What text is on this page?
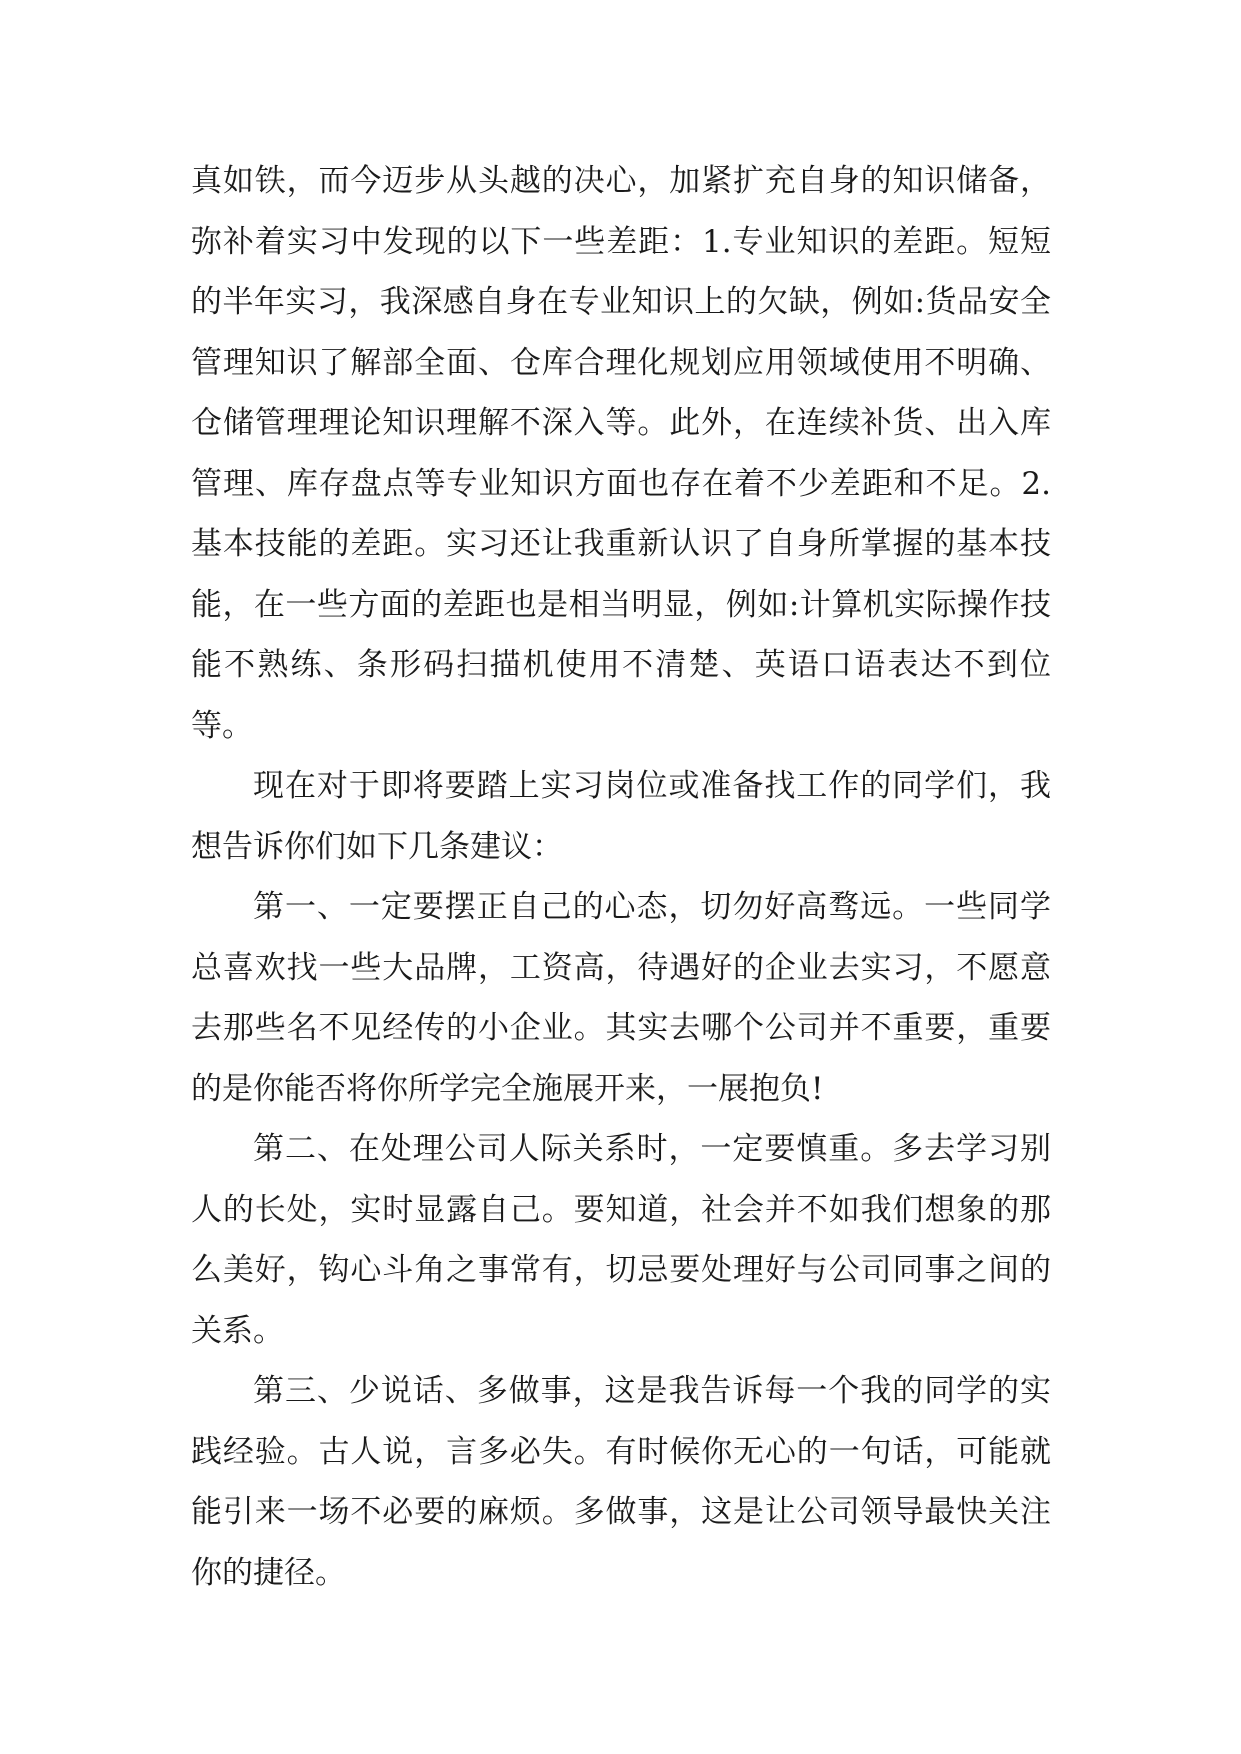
真如铁，而今迈步从头越的决心，加紧扩充自身的知识储备，弥补着实习中发现的以下一些差距：1.专业知识的差距。短短的半年实习，我深感自身在专业知识上的欠缺，例如:货品安全管理知识了解部全面、仓库合理化规划应用领域使用不明确、仓储管理理论知识理解不深入等。此外，在连续补货、出入库管理、库存盘点等专业知识方面也存在着不少差距和不足。2.基本技能的差距。实习还让我重新认识了自身所掌握的基本技能，在一些方面的差距也是相当明显，例如:计算机实际操作技能不熟练、条形码扫描机使用不清楚、英语口语表达不到位等。

现在对于即将要踏上实习岗位或准备找工作的同学们，我想告诉你们如下几条建议：

第一、一定要摆正自己的心态，切勿好高骛远。一些同学总喜欢找一些大品牌，工资高，待遇好的企业去实习，不愿意去那些名不见经传的小企业。其实去哪个公司并不重要，重要的是你能否将你所学完全施展开来，一展抱负!

第二、在处理公司人际关系时，一定要慎重。多去学习别人的长处，实时显露自己。要知道，社会并不如我们想象的那么美好，钩心斗角之事常有，切忌要处理好与公司同事之间的关系。

第三、少说话、多做事，这是我告诉每一个我的同学的实践经验。古人说，言多必失。有时候你无心的一句话，可能就能引来一场不必要的麻烦。多做事，这是让公司领导最快关注你的捷径。
